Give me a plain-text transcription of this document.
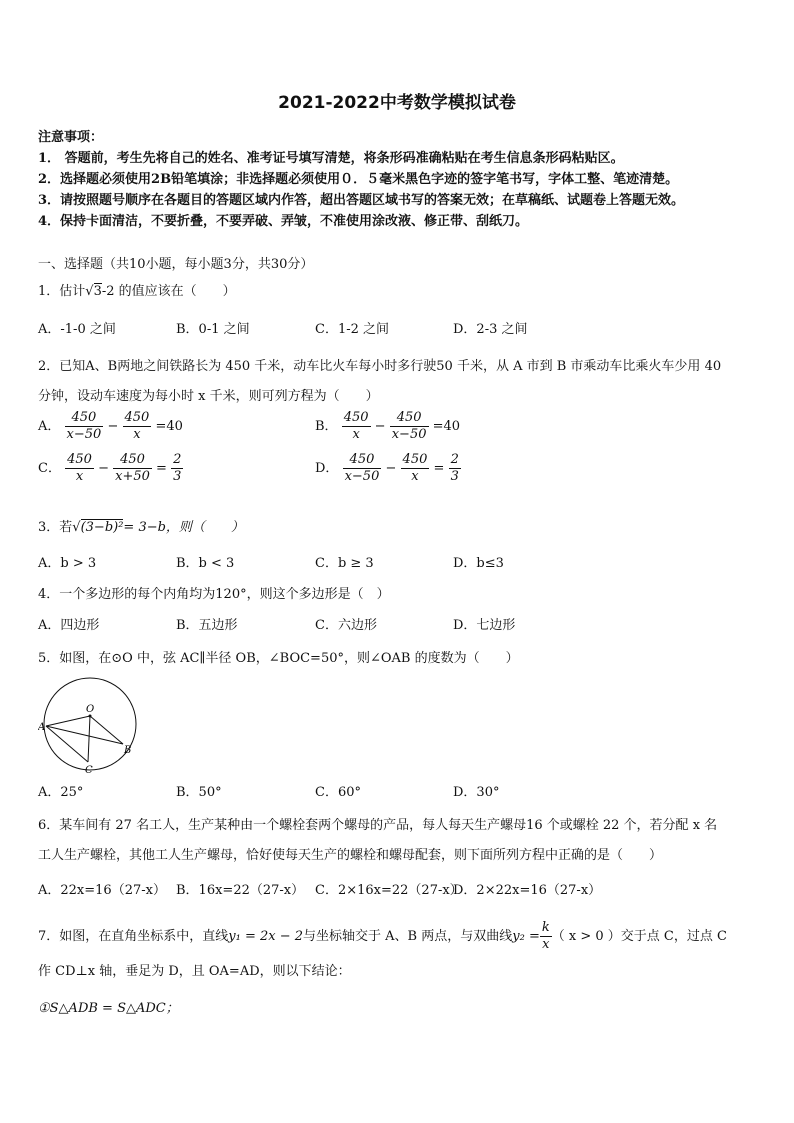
2021-2022中考数学模拟试卷
注意事项：
1． 答题前，考生先将自己的姓名、准考证号填写清楚，将条形码准确粘贴在考生信息条形码粘贴区。
2．选择题必须使用2B铅笔填涂；非选择题必须使用０．５毫米黑色字迹的签字笔书写，字体工整、笔迹清楚。
3．请按照题号顺序在各题目的答题区域内作答，超出答题区域书写的答案无效；在草稿纸、试题卷上答题无效。
4．保持卡面清洁，不要折叠，不要弄破、弄皱，不准使用涂改液、修正带、刮纸刀。
一、选择题（共10小题，每小题3分，共30分）
1．估计√3-2 的值应该在（　　）
A．-1-0 之间	B．0-1 之间	C．1-2 之间	D．2-3 之间
2．已知A、B两地之间铁路长为 450 千米，动车比火车每小时多行驶50 千米，从 A 市到 B 市乘动车比乘火车少用 40
分钟，设动车速度为每小时 x 千米，则可列方程为（　　）
A． $\frac{450}{x-50} - \frac{450}{x} =40$	B． $\frac{450}{x} - \frac{450}{x-50} =40$
C． $\frac{450}{x} - \frac{450}{x+50} = \frac{2}{3}$	D． $\frac{450}{x-50} - \frac{450}{x} = \frac{2}{3}$
3．若√(3−b)²= 3−b，则（　　）
A．b > 3	B．b < 3	C．b ≥ 3	D．b≤3
4．一个多边形的每个内角均为120°，则这个多边形是（　）
A．四边形	B．五边形	C．六边形	D．七边形
5．如图，在⊙O 中，弦 AC∥半径 OB，∠BOC=50°，则∠OAB 的度数为（　　）
O
A
B
C
A．25°	B．50°	C．60°	D．30°
6．某车间有 27 名工人，生产某种由一个螺栓套两个螺母的产品，每人每天生产螺母16 个或螺栓 22 个，若分配 x 名
工人生产螺栓，其他工人生产螺母，恰好使每天生产的螺栓和螺母配套，则下面所列方程中正确的是（　　）
A．22x=16（27-x） B．16x=22（27-x） C．2×16x=22（27-x）
D．2×22x=16（27-x）
7．如图，在直角坐标系中，直线y₁ = 2x − 2与坐标轴交于 A、B 两点，与双曲线$y_2 = \frac{k}{x}$ （ x > 0 ）交于点 C，过点 C
作 CD⊥x 轴，垂足为 D，且 OA=AD，则以下结论：
①S△ADB = S△ADC；
